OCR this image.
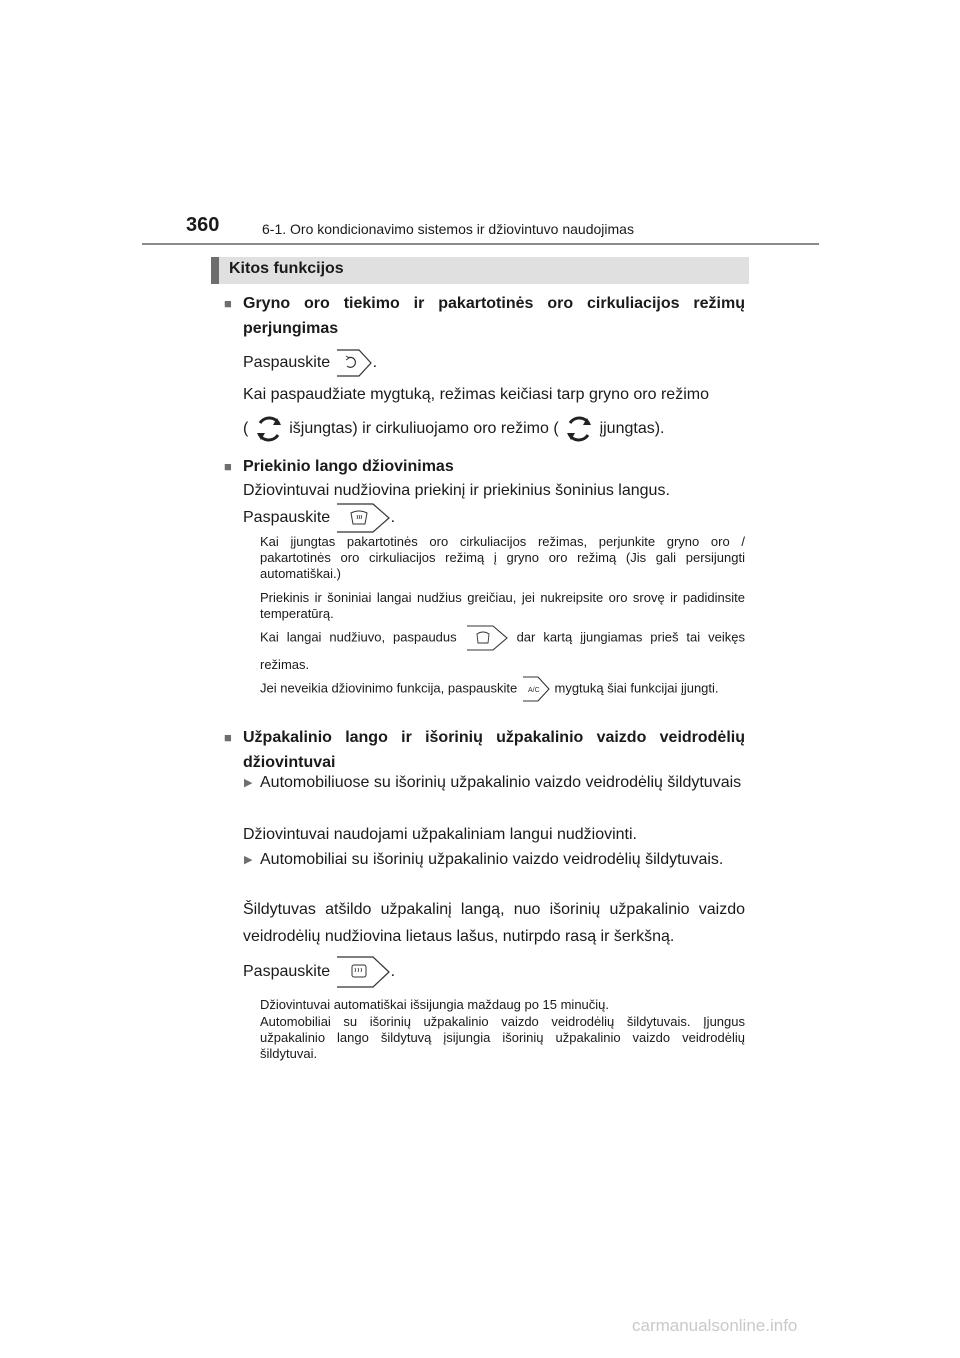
360	6-1. Oro kondicionavimo sistemos ir džiovintuvo naudojimas
Kitos funkcijos
■ Gryno oro tiekimo ir pakartotinės oro cirkuliacijos režimų perjungimas
Paspauskite	.
Kai paspaudžiate mygtuką, režimas keičiasi tarp gryno oro režimo
(	išjungtas) ir cirkuliuojamo oro režimo (	įjungtas).
■ Priekinio lango džiovinimas
Džiovintuvai nudžiovina priekinį ir priekinius šoninius langus.
Paspauskite	.
Kai įjungtas pakartotinės oro cirkuliacijos režimas, perjunkite gryno oro / pakartotinės oro cirkuliacijos režimą į gryno oro režimą (Jis gali persijungti automatiškai.)
Priekinis ir šoniniai langai nudžius greičiau, jei nukreipsite oro srovę ir padidinsite temperatūrą.
Kai langai nudžiuvo, paspaudus	dar kartą įjungiamas prieš tai veikęs režimas.
Jei neveikia džiovinimo funkcija, paspauskite A/C mygtuką šiai funkcijai įjungti.
■ Užpakalinio lango ir išorinių užpakalinio vaizdo veidrodėlių džiovintuvai
▶ Automobiliuose su išorinių užpakalinio vaizdo veidrodėlių šildytuvais
Džiovintuvai naudojami užpakaliniam langui nudžiovinti.
▶ Automobiliai su išorinių užpakalinio vaizdo veidrodėlių šildytuvais.
Šildytuvas atšildo užpakalinį langą, nuo išorinių užpakalinio vaizdo veidrodėlių nudžiovina lietaus lašus, nutirpdo rasą ir šerkšną.
Paspauskite	.
Džiovintuvai automatiškai išsijungia maždaug po 15 minučių.
Automobiliai su išorinių užpakalinio vaizdo veidrodėlių šildytuvais. Įjungus užpakalinio lango šildytuvą įsijungia išorinių užpakalinio vaizdo veidrodėlių šildytuvai.
carmanualsonline.info
